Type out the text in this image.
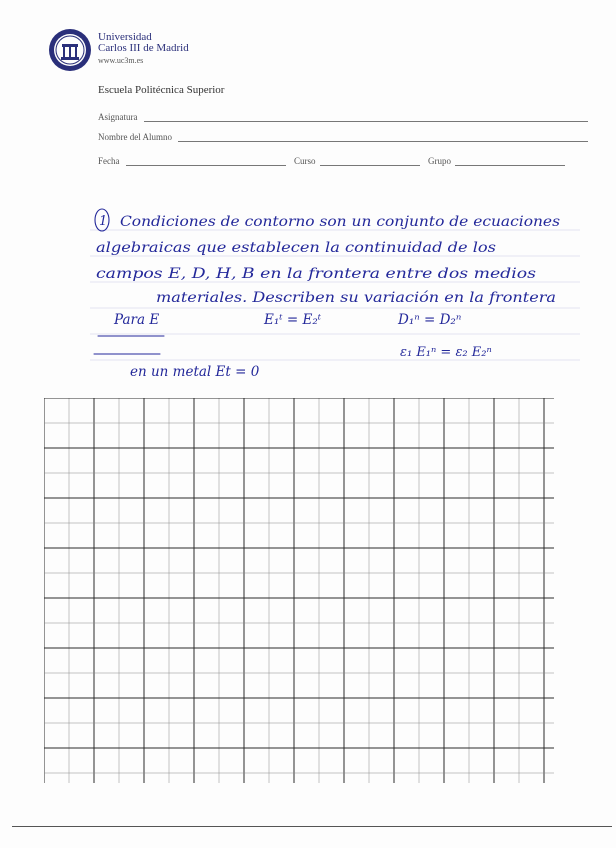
Universidad
Carlos III de Madrid
www.uc3m.es
Escuela Politécnica Superior
Asignatura
Nombre del Alumno
Fecha	Curso	Grupo
1 Condiciones de contorno son un conjunto de ecuaciones
algebraicas que establecen la continuidad de los
campos E, D, H, B en la frontera entre dos medios
materiales. Describen su variación en la frontera
Para E	E₁ᵗ = E₂ᵗ	D₁ⁿ = D₂ⁿ
ε₁ E₁ⁿ = ε₂ E₂ⁿ
en un metal Et = 0
